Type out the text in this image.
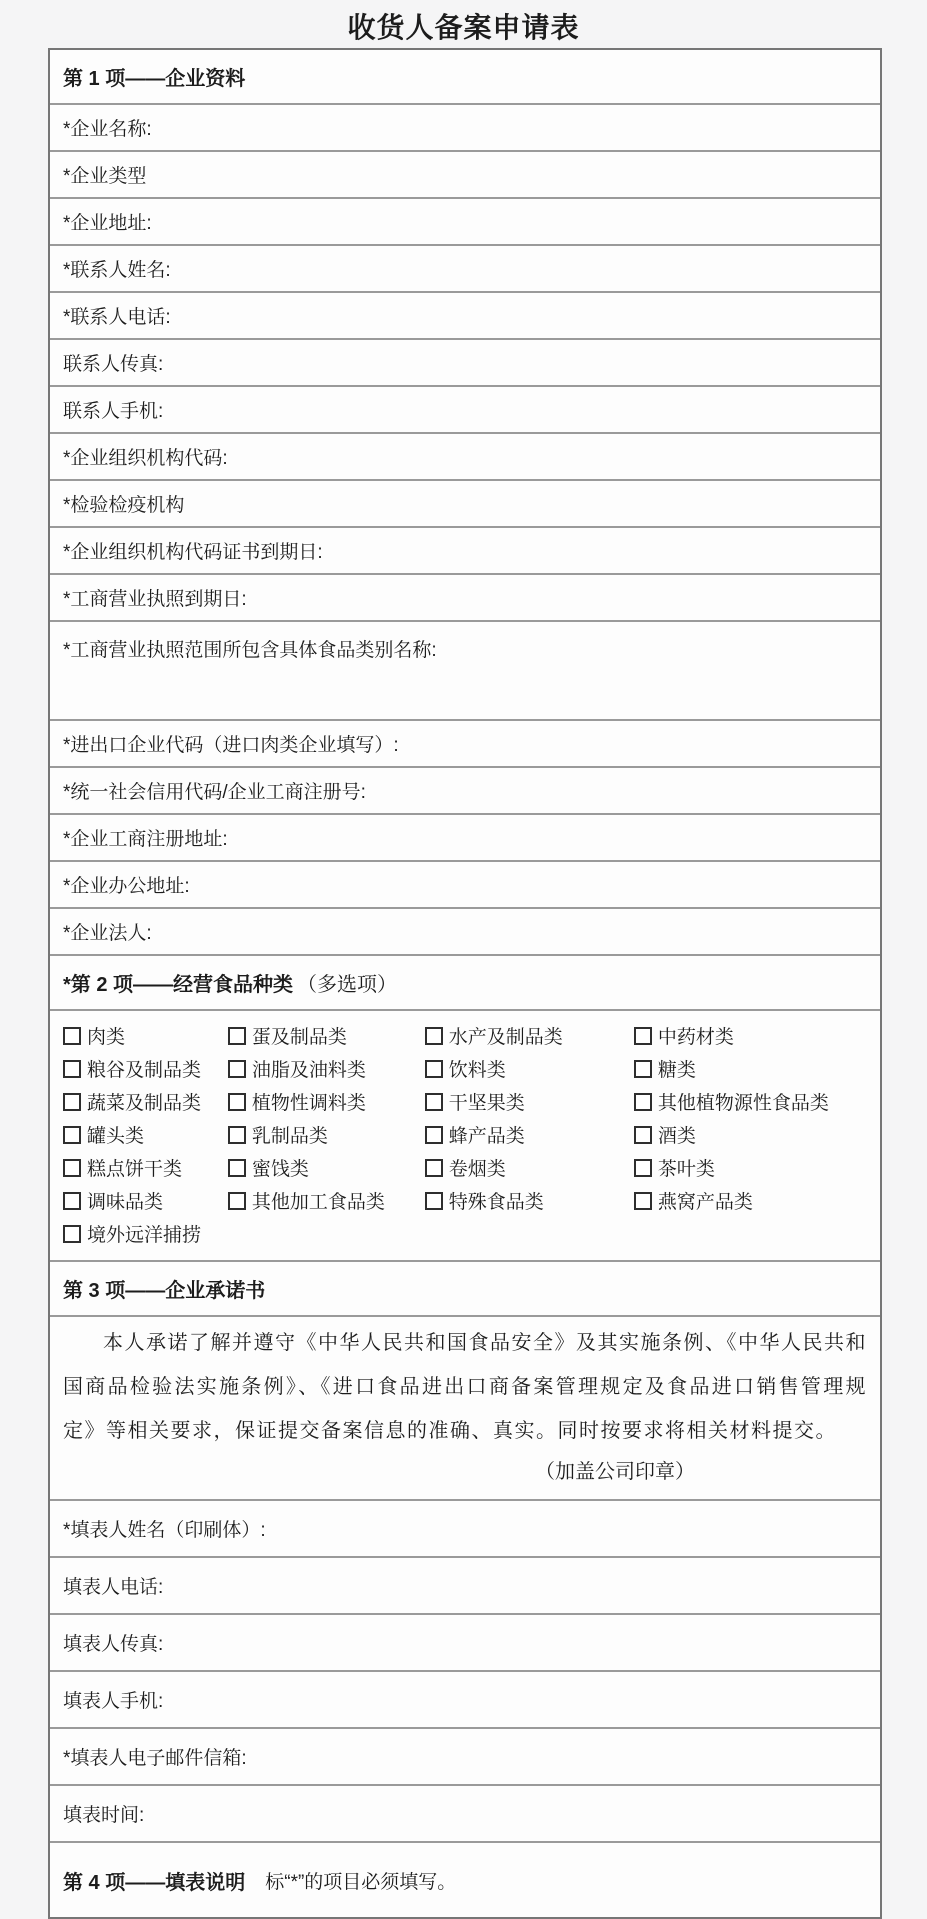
收货人备案申请表
第 1 项——企业资料
*企业名称:
*企业类型
*企业地址:
*联系人姓名:
*联系人电话:
联系人传真:
联系人手机:
*企业组织机构代码:
*检验检疫机构
*企业组织机构代码证书到期日:
*工商营业执照到期日:
*工商营业执照范围所包含具体食品类别名称:
*进出口企业代码（进口肉类企业填写）:
*统一社会信用代码/企业工商注册号:
*企业工商注册地址:
*企业办公地址:
*企业法人:
*第 2 项——经营食品种类 （多选项）
肉类	蛋及制品类	水产及制品类	中药材类
粮谷及制品类	油脂及油料类	饮料类	糖类
蔬菜及制品类	植物性调料类	干坚果类	其他植物源性食品类
罐头类	乳制品类	蜂产品类	酒类
糕点饼干类	蜜饯类	卷烟类	茶叶类
调味品类	其他加工食品类	特殊食品类	燕窝产品类
境外远洋捕捞
第 3 项——企业承诺书
本人承诺了解并遵守《中华人民共和国食品安全》及其实施条例、《中华人民共和国商品检验法实施条例》、《进口食品进出口商备案管理规定及食品进口销售管理规定》等相关要求，保证提交备案信息的准确、真实。同时按要求将相关材料提交。
（加盖公司印章）
*填表人姓名（印刷体）:
填表人电话:
填表人传真:
填表人手机:
*填表人电子邮件信箱:
填表时间:
第 4 项——填表说明 标“*”的项目必须填写。
